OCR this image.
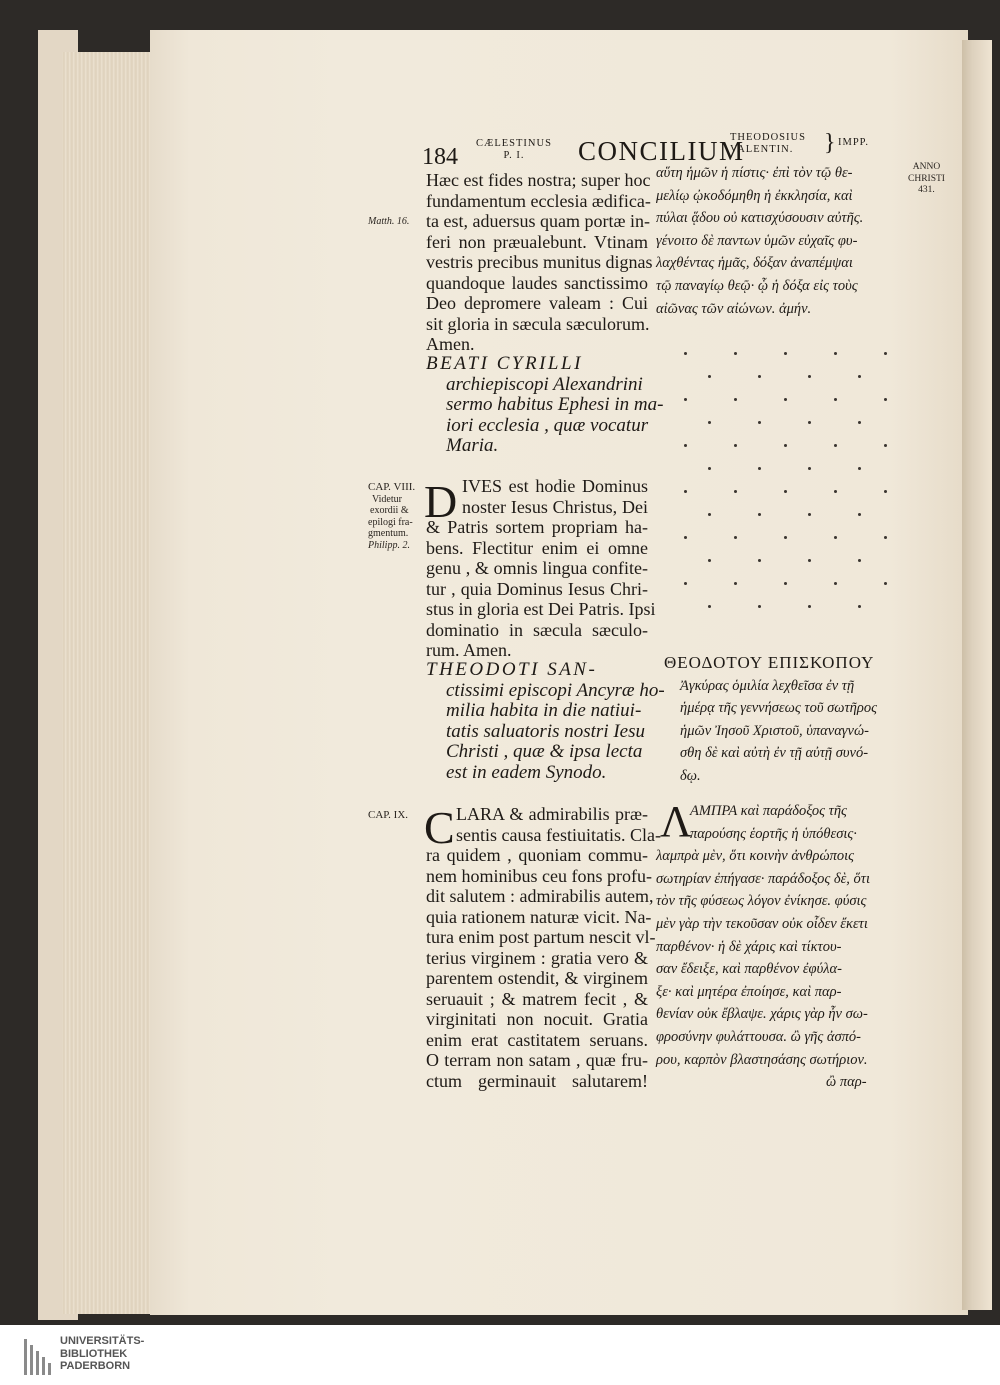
184
CÆLESTINUS
P. I.	CONCILIUM
THEODOSIUS
VALENTIN.	} IMPP.
ANNO
CHRISTI
431.
Matth. 16.
CAP. VIII.
Videtur
exordii &
epilogi fra-
gmentum.
Philipp. 2.
CAP. IX.
Hæc est fides nostra; super hoc
fundamentum ecclesia ædifica-
ta est, aduersus quam portæ in-
feri non præualebunt. Vtinam
vestris precibus munitus dignas
quandoque laudes sanctissimo
Deo depromere valeam : Cui
sit gloria in sæcula sæculorum.
Amen.
BEATI CYRILLI
archiepiscopi Alexandrini
sermo habitus Ephesi in ma-
iori ecclesia , quæ vocatur
Maria.
D IVES est hodie Dominus
noster Iesus Christus, Dei
& Patris sortem propriam ha-
bens. Flectitur enim ei omne
genu , & omnis lingua confite-
tur , quia Dominus Iesus Chri-
stus in gloria est Dei Patris. Ipsi
dominatio in sæcula sæculo-
rum. Amen.
THEODOTI SAN-
ctissimi episcopi Ancyræ ho-
milia habita in die natiui-
tatis saluatoris nostri Iesu
Christi , quæ & ipsa lecta
est in eadem Synodo.
C LARA & admirabilis præ-
sentis causa festiuitatis. Cla-
ra quidem , quoniam commu-
nem hominibus ceu fons profu-
dit salutem : admirabilis autem,
quia rationem naturæ vicit. Na-
tura enim post partum nescit vl-
terius virginem : gratia vero &
parentem ostendit, & virginem
seruauit ; & matrem fecit , &
virginitati non nocuit. Gratia
enim erat castitatem seruans.
O terram non satam , quæ fru-
ctum germinauit salutarem!
αὕτη ἡμῶν ἡ πίστις· ἐπὶ τὸν τῷ θε-
μελίῳ ᾠκοδόμηθη ἡ ἐκκλησία, καὶ
πύλαι ᾅδου οὐ κατισχύσουσιν αὐτῆς.
γένοιτο δὲ παντων ὑμῶν εὐχαῖς φυ-
λαχθέντας ἡμᾶς, δόξαν ἀναπέμψαι
τῷ παναγίῳ θεῷ· ᾧ ἡ δόξα εἰς τοὺς
αἰῶνας τῶν αἰώνων. ἀμήν.
ΘΕΟΔΟΤΟΥ ΕΠΙΣΚΟΠΟΥ
Ἀγκύρας ὁμιλία λεχθεῖσα ἐν τῇ
ἡμέρᾳ τῆς γεννήσεως τοῦ σωτῆρος
ἡμῶν Ἰησοῦ Χριστοῦ, ὑπαναγνώ-
σθη δὲ καὶ αὐτὴ ἐν τῇ αὐτῇ συνό-
δῳ.
Λ
ΑΜΠΡΑ καὶ παράδοξος τῆς
παρούσης ἑορτῆς ἡ ὑπόθεσις·
λαμπρὰ μὲν, ὅτι κοινὴν ἀνθρώποις
σωτηρίαν ἐπήγασε· παράδοξος δὲ, ὅτι
τὸν τῆς φύσεως λόγον ἐνίκησε. φύσις
μὲν γὰρ τὴν τεκοῦσαν οὐκ οἶδεν ἔκετι
παρθένον· ἡ δὲ χάρις καὶ τίκτου-
σαν ἔδειξε, καὶ παρθένον ἐφύλα-
ξε· καὶ μητέρα ἐποίησε, καὶ παρ-
θενίαν οὐκ ἔβλαψε. χάρις γὰρ ἦν σω-
φροσύνην φυλάττουσα. ὢ γῆς ἀσπό-
ρου, καρπὸν βλαστησάσης σωτήριον.
ὢ παρ-
UNIVERSITÄTS-
BIBLIOTHEK
PADERBORN
